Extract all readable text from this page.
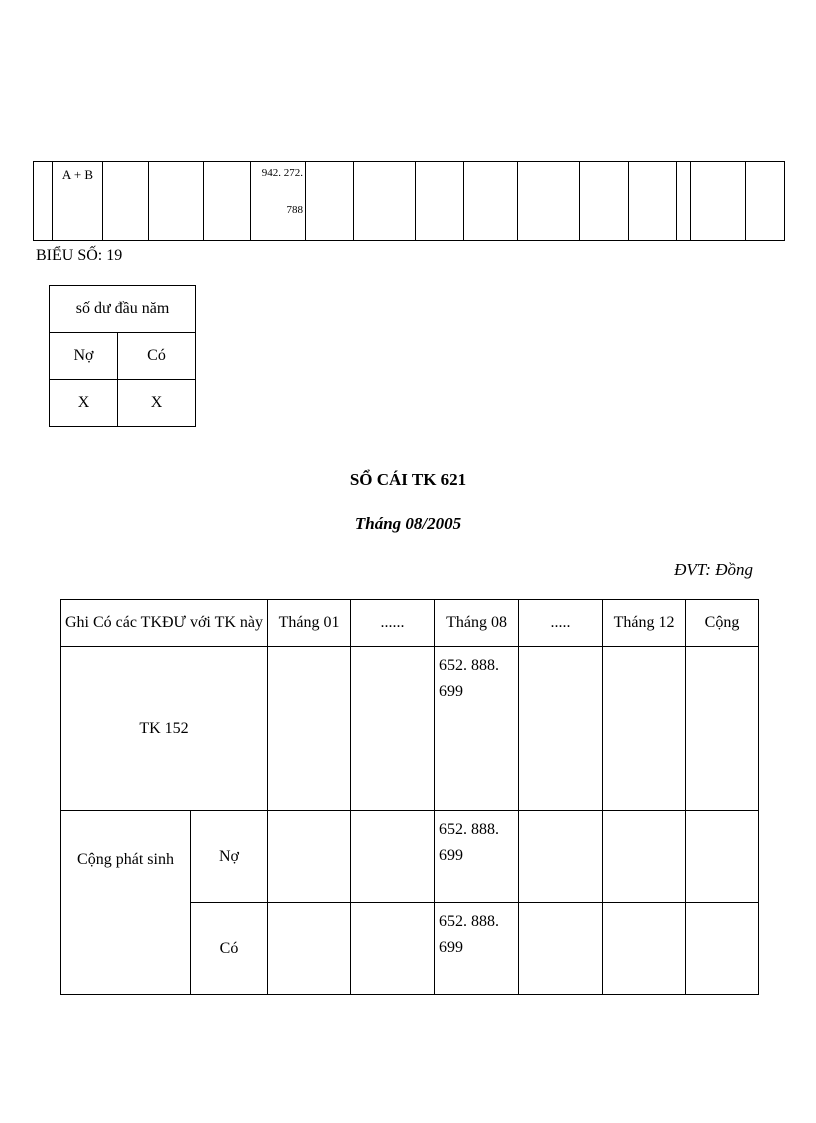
	A + B				942. 272.
788

BIỂU SỐ: 19
số dư đầu năm	
Nợ	Có
X	X
SỔ CÁI TK 621
Tháng 08/2005
ĐVT: Đồng
Ghi Có các TKĐƯ với TK này		Tháng 01	......	Tháng 08	.....	Tháng 12	Cộng
TK 152				652. 888.
699			

Cộng phát sinh	Nợ			652. 888.
699			

	Có			652. 888.
699			
